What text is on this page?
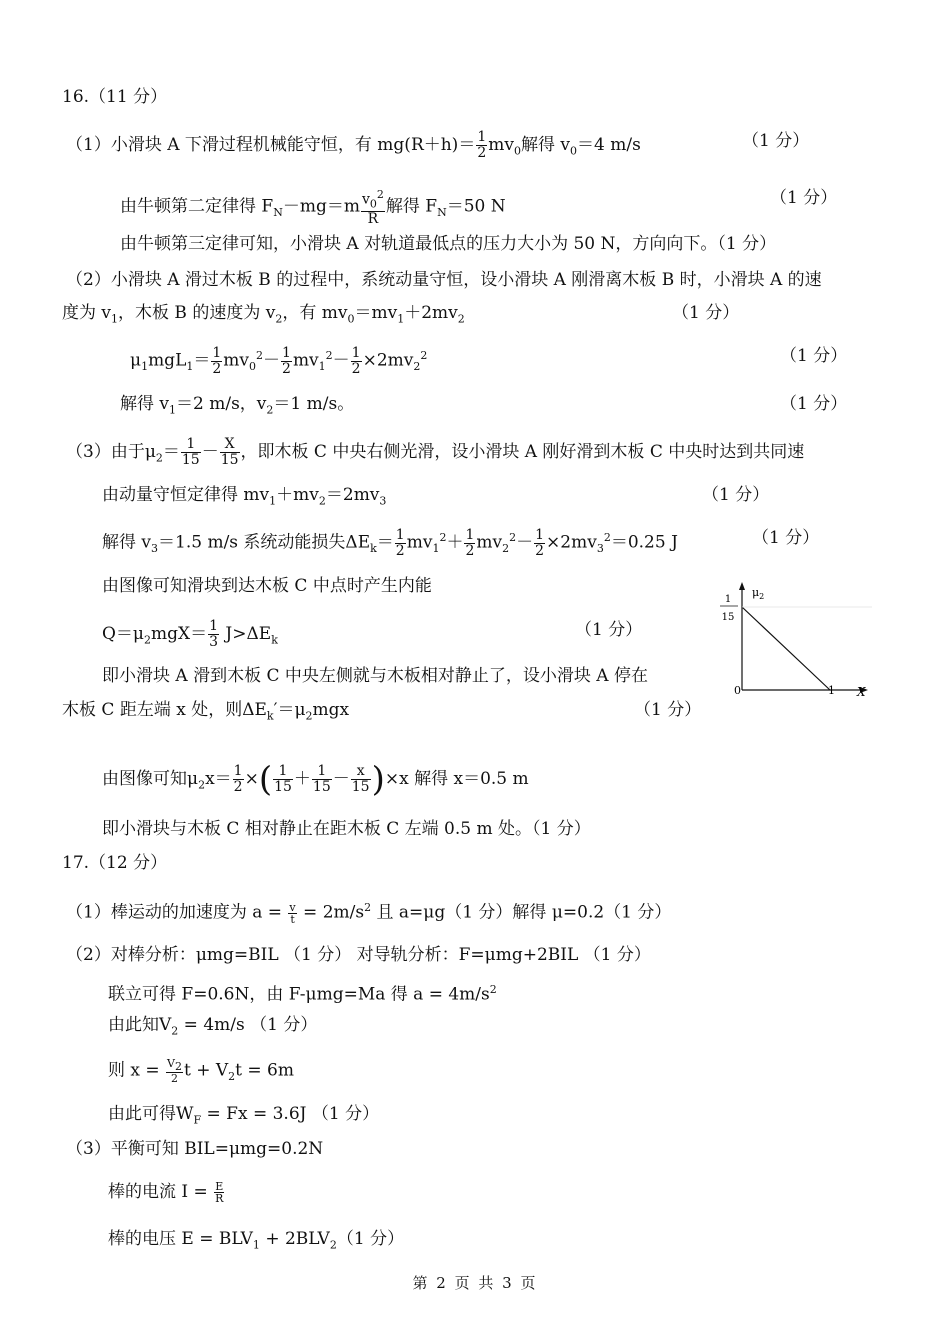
16.（11 分）
（1）小滑块 A 下滑过程机械能守恒，有 $mg(R+h)= \frac{1}{2} mv_0$解得 $v_0=4$ m/s	（1 分）
由牛顿第二定律得 $F_N-mg=m \frac{v_0^2}{R}$ 解得 $F_N=50$ N	（1 分）
由牛顿第三定律可知，小滑块 A 对轨道最低点的压力大小为 50 N，方向向下。（1 分）
（2）小滑块 A 滑过木板 B 的过程中，系统动量守恒，设小滑块 A 刚滑离木板 B 时，小滑块 A 的速
度为 $v_1$，木板 B 的速度为 $v_2$，有 $mv_0=mv_1+2mv_2$	（1 分）
$\mu_1mgL_1= \frac{1}{2} mv_0^2- \frac{1}{2} mv_1^2- \frac{1}{2} \times 2mv_2^2$	（1 分）
解得 $v_1=2$ m/s，$v_2=1$ m/s。	（1 分）
（3）由于$\mu_2= \frac{1}{15} - \frac{X}{15}$ ，即木板 C 中央右侧光滑，设小滑块 A 刚好滑到木板 C 中央时达到共同速
由动量守恒定律得 $mv_1+mv_2=2mv_3$	（1 分）
解得 $v_3=1.5$ m/s 系统动能损失$\Delta E_k= \frac{1}{2} mv_1^2+ \frac{1}{2} mv_2^2- \frac{1}{2} \times 2mv_3^2=0.25$ J	（1 分）
由图像可知滑块到达木板 C 中点时产生内能
$Q=\mu_2mgX= \frac{1}{3} J>\Delta E_k$	（1 分）
$\mu_2$
1
15
0	1 X
即小滑块 A 滑到木板 C 中央左侧就与木板相对静止了，设小滑块 A 停在
木板 C 距左端 x 处，则$\Delta E_k'=\mu_2mgx$	（1 分）
由图像可知$\mu_2x= \frac{1}{2}$ ×( $\frac{1}{15} + \frac{1}{15} - \frac{x}{15} )\times x$ 解得 x＝0.5 m
即小滑块与木板 C 相对静止在距木板 C 左端 0.5 m 处。（1 分）
17.（12 分）
（1）棒运动的加速度为 $a = \frac{v}{t} = 2m/s^2$ 且 a=μg（1 分）解得 μ=0.2（1 分）
（2）对棒分析：μmg=BIL （1 分） 对导轨分析：F=μmg+2BIL （1 分）
联立可得 F=0.6N，由 F-μmg=Ma 得 $a = 4m/s^2$
由此知$V_2 = 4m/s$ （1 分）
则 $x = \frac{V_2}{2}$ $t + V_2t = 6m$
由此可得$W_F = Fx = 3.6J$ （1 分）
（3）平衡可知 BIL=μmg=0.2N
棒的电流 $I = \frac{E}{R}$
棒的电压 $E = BLV_1 + 2BLV_2(1$ 分）
第 2 页 共 3 页
